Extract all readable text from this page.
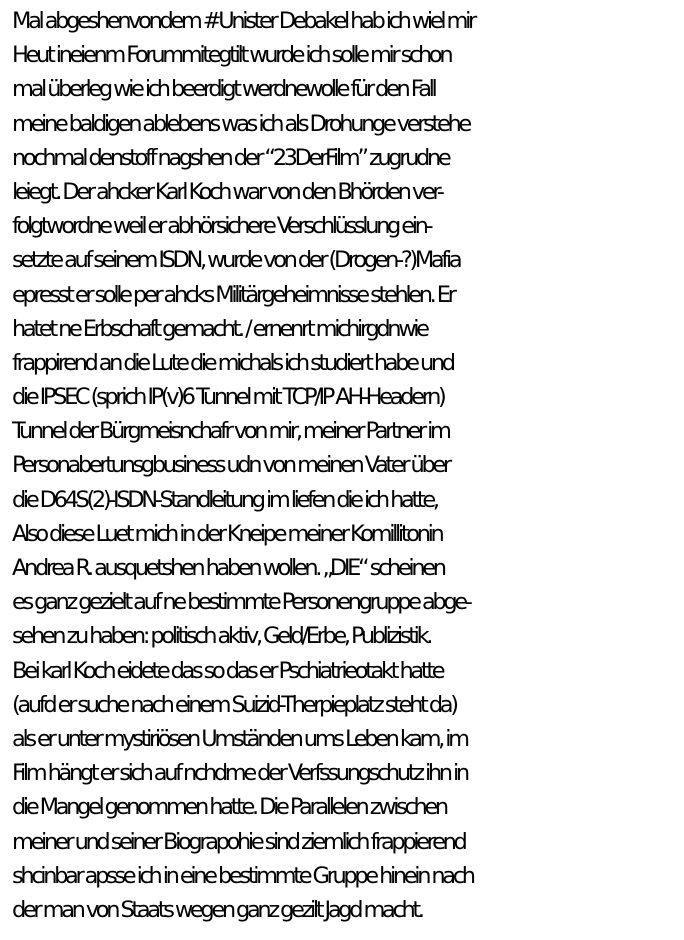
Mal abgeshenvondem #Unister Debakel hab ich wiel mir
Heut ineienm Forummitegtilt wurde ich solle mir schon
mal überleg wie ich beerdigt werdnewolle für den Fall
meine baldigen ablebens was ich als Drohunge verstehe
nochmal denstoff nagshen der “23DerFilm” zugrudne
leiegt. Der ahcker Karl Koch war von den Bhörden ver-
folgtwordne weil er abhörsichere Verschlüsslung ein-
setzte auf seinem ISDN, wurde von der (Drogen-?)Mafia
epresst er solle per ahcks Militärgeheimnisse stehlen. Er
hatet ne Erbschaft gemacht. / ernenrt michirgdnwie
frappirend an die Lute die michals ich studiert habe und
die IPSEC (sprich IP(v)6 Tunnel mit TCP/IP AH-Headern)
Tunnel der Bürgmeisnchafr von mir, meiner Partner im
Personabertunsgbusiness udn von meinen Vater über
die D64S(2)-ISDN-Standleitung im liefen die ich hatte,
Also diese Luet mich in der Kneipe meiner Komillitonin
Andrea R. ausquetshen haben wollen. „DIE“ scheinen
es ganz gezielt auf ne bestimmte Personengruppe abge-
sehen zu haben: politisch aktiv, Geld/Erbe, Publizistik.
Bei karl Koch eidete das so das er Pschiatrieotakt hatte
(aufd er suche nach einem Suizid-Therpieplatz steht da)
als er unter mystiriösen Umständen ums Leben kam, im
Film hängt er sich auf nchdme der Verfssungschutz ihn in
die Mangel genommen hatte. Die Parallelen zwischen
meiner und seiner Biograpohie sind ziemlich frappierend
shcinbar apsse ich in eine bestimmte Gruppe hinein nach
der man von Staats wegen ganz gezilt Jagd macht.
